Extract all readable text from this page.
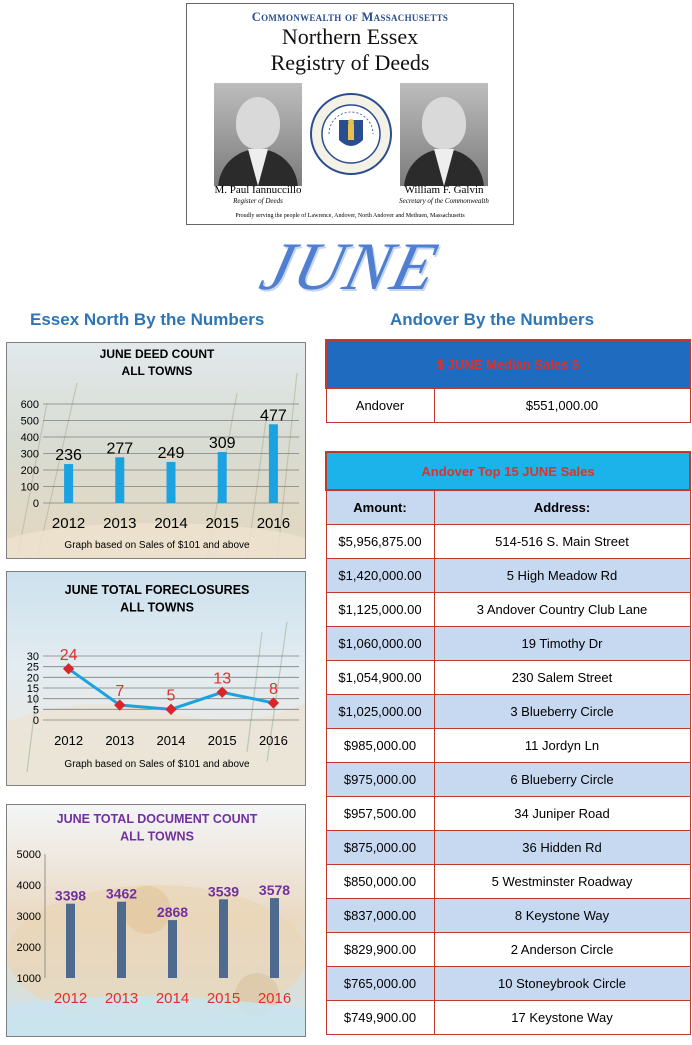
Commonwealth of Massachusetts
Northern Essex
Registry of Deeds
M. Paul Iannuccillo
Register of Deeds
William F. Galvin
Secretary of the Commonwealth
Proudly serving the people of Lawrence, Andover, North Andover and Methuen, Massachusetts
JUNE
Essex North By the Numbers	Andover By the Numbers
JUNE DEED COUNT
ALL TOWNS
0
100
200
300
400
500
600
2012 2013 2014 2015 2016
236 277 249
309
477
Graph based on Sales of $101 and above
JUNE TOTAL FORECLOSURES
ALL TOWNS
0
5
10
15
20
25
30
2012 2013 2014 2015 2016
24
7	5
13
8
Graph based on Sales of $101 and above
JUNE TOTAL DOCUMENT COUNT
ALL TOWNS
1000
2000
3000
4000
5000
2012 2013 2014 2015 2016
3398 3462
2868
3539 3578
$ JUNE Median Sales $
Andover	$551,000.00
Andover Top 15 JUNE Sales	
Amount:	Address:
$5,956,875.00	514-516 S. Main Street
$1,420,000.00	5 High Meadow Rd
$1,125,000.00	3 Andover Country Club Lane
$1,060,000.00	19 Timothy Dr
$1,054,900.00	230 Salem Street
$1,025,000.00	3 Blueberry Circle
$985,000.00	11 Jordyn Ln
$975,000.00	6 Blueberry Circle
$957,500.00	34 Juniper Road
$875,000.00	36 Hidden Rd
$850,000.00	5 Westminster Roadway
$837,000.00	8 Keystone Way
$829,900.00	2 Anderson Circle
$765,000.00	10 Stoneybrook Circle
$749,900.00	17 Keystone Way
